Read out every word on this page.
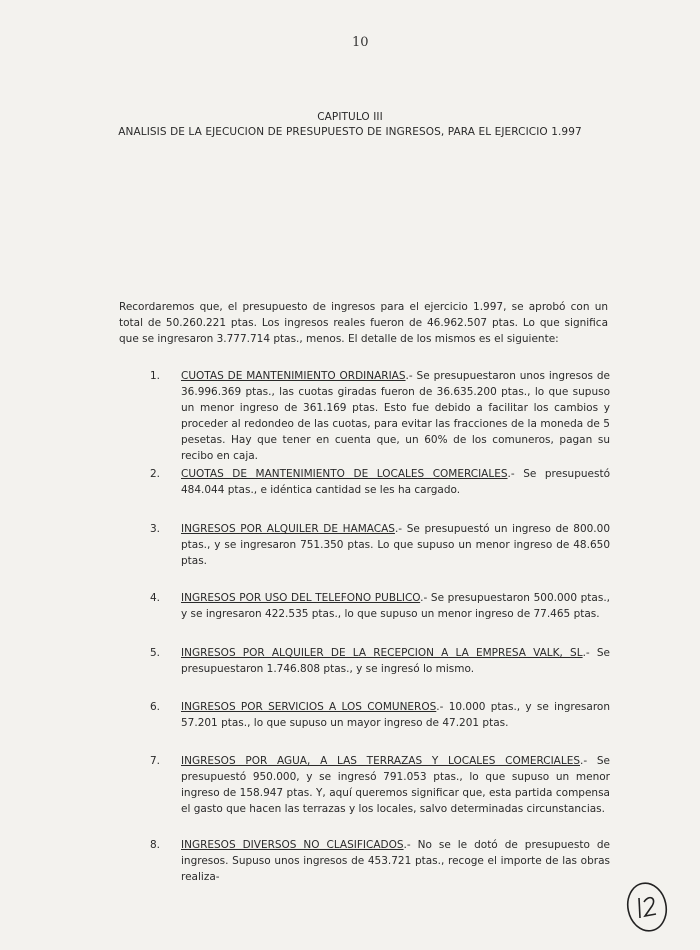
10
CAPITULO III
ANALISIS DE LA EJECUCION DE PRESUPUESTO DE INGRESOS, PARA EL EJERCICIO 1.997
Recordaremos que, el presupuesto de ingresos para el ejercicio 1.997, se aprobó con un total de 50.260.221 ptas. Los ingresos reales fueron de 46.962.507 ptas. Lo que significa que se ingresaron 3.777.714 ptas., menos. El detalle de los mismos es el siguiente:
1. CUOTAS DE MANTENIMIENTO ORDINARIAS.- Se presupuestaron unos ingresos de 36.996.369 ptas., las cuotas giradas fueron de 36.635.200 ptas., lo que supuso un menor ingreso de 361.169 ptas. Esto fue debido a facilitar los cambios y proceder al redondeo de las cuotas, para evitar las fracciones de la moneda de 5 pesetas. Hay que tener en cuenta que, un 60% de los comuneros, pagan su recibo en caja.
2. CUOTAS DE MANTENIMIENTO DE LOCALES COMERCIALES.- Se presupuestó 484.044 ptas., e idéntica cantidad se les ha cargado.
3. INGRESOS POR ALQUILER DE HAMACAS.- Se presupuestó un ingreso de 800.00 ptas., y se ingresaron 751.350 ptas. Lo que supuso un menor ingreso de 48.650 ptas.
4. INGRESOS POR USO DEL TELEFONO PUBLICO.- Se presupuestaron 500.000 ptas., y se ingresaron 422.535 ptas., lo que supuso un menor ingreso de 77.465 ptas.
5. INGRESOS POR ALQUILER DE LA RECEPCION A LA EMPRESA VALK, SL.- Se presupuestaron 1.746.808 ptas., y se ingresó lo mismo.
6. INGRESOS POR SERVICIOS A LOS COMUNEROS.- 10.000 ptas., y se ingresaron 57.201 ptas., lo que supuso un mayor ingreso de 47.201 ptas.
7. INGRESOS POR AGUA, A LAS TERRAZAS Y LOCALES COMERCIALES.- Se presupuestó 950.000, y se ingresó 791.053 ptas., lo que supuso un menor ingreso de 158.947 ptas. Y, aquí queremos significar que, esta partida compensa el gasto que hacen las terrazas y los locales, salvo determinadas circunstancias.
8. INGRESOS DIVERSOS NO CLASIFICADOS.- No se le dotó de presupuesto de ingresos. Supuso unos ingresos de 453.721 ptas., recoge el importe de las obras realiza-
